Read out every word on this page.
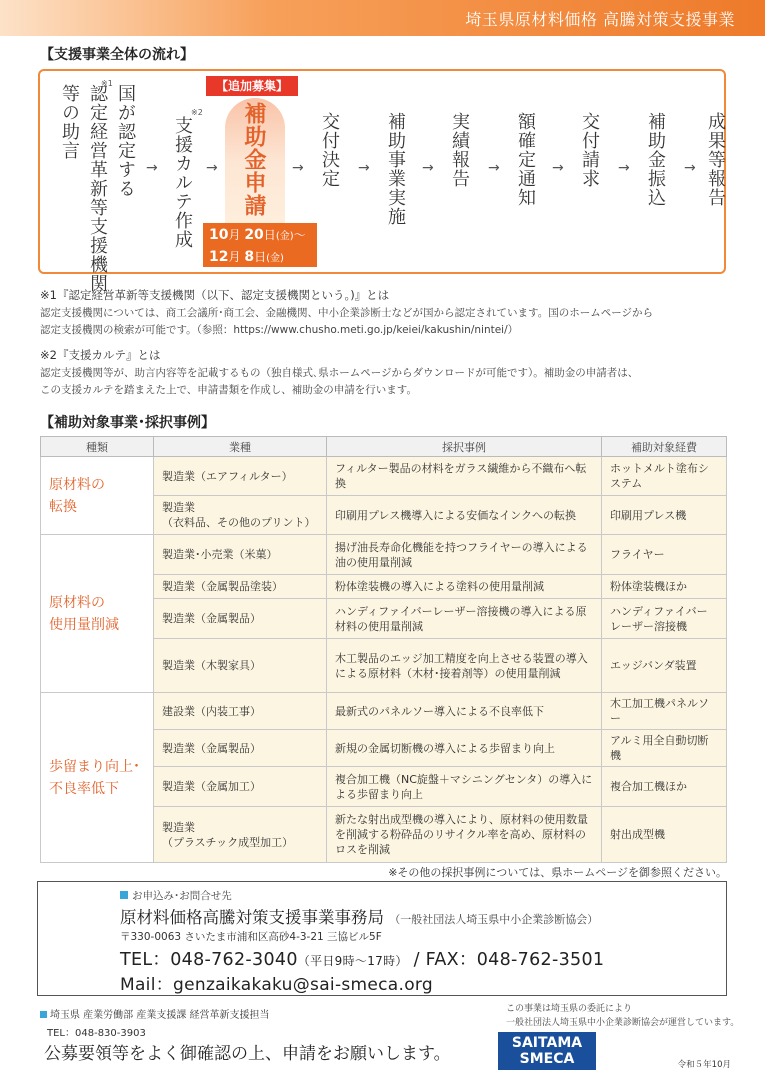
埼玉県原材料価格 高騰対策支援事業
【支援事業全体の流れ】
国が認定する
認定経営革新等支援機関
等の助言
※1
→
※2
支援カルテ作成 →
【追加募集】
補助金申請
10月 20日(金)〜
12月 8日(金)
→ 交付決定 → 補助事業実施 → 実績報告 → 額確定通知 → 交付請求 → 補助金振込 → 成果等報告
※1『認定経営革新等支援機関（以下、認定支援機関という。)』とは
認定支援機関については、商工会議所･商工会、金融機関、中小企業診断士などが国から認定されています。国のホームページから
認定支援機関の検索が可能です。（参照：https://www.chusho.meti.go.jp/keiei/kakushin/nintei/）
※2『支援カルテ』とは
認定支援機関等が、助言内容等を記載するもの（独自様式､県ホームページからダウンロードが可能です）。補助金の申請者は、
この支援カルテを踏まえた上で、申請書類を作成し、補助金の申請を行います。
【補助対象事業･採択事例】
種類	業種	採択事例	補助対象経費

原材料の
転換	製造業（エアフィルター）	フィルター製品の材料をガラス繊維から不織布へ転換	ホットメルト塗布システム

	製造業
（衣料品、その他のプリント）	印刷用プレス機導入による安価なインクへの転換	印刷用プレス機

原材料の
使用量削減	製造業･小売業（米菓）	揚げ油長寿命化機能を持つフライヤーの導入による油の使用量削減	フライヤー
	製造業（金属製品塗装）	粉体塗装機の導入による塗料の使用量削減	粉体塗装機ほか
	製造業（金属製品）	ハンディファイバーレーザー溶接機の導入による原材料の使用量削減	ハンディファイバーレーザー溶接機
	製造業（木製家具）	木工製品のエッジ加工精度を向上させる装置の導入による原材料（木材･接着剤等）の使用量削減	エッジバンダ装置

歩留まり向上･
不良率低下	建設業（内装工事）	最新式のパネルソー導入による不良率低下	木工加工機パネルソー
	製造業（金属製品）	新規の金属切断機の導入による歩留まり向上	アルミ用全自動切断機
	製造業（金属加工）	複合加工機（NC旋盤＋マシニングセンタ）の導入による歩留まり向上	複合加工機ほか

	製造業
（プラスチック成型加工）	新たな射出成型機の導入により、原材料の使用数量を削減する粉砕品のリサイクル率を高め、原材料のロスを削減	射出成型機
※その他の採択事例については、県ホームページを御参照ください。
お申込み･お問合せ先
原材料価格高騰対策支援事業事務局 （一般社団法人埼玉県中小企業診断協会）
〒330-0063 さいたま市浦和区高砂4-3-21 三協ビル5F
TEL：048-762-3040（平日9時〜17時） / FAX：048-762-3501
Mail：genzaikakaku@sai-smeca.org
埼玉県 産業労働部 産業支援課 経営革新支援担当
TEL：048-830-3903
公募要領等をよく御確認の上、申請をお願いします。
この事業は埼玉県の委託により
一般社団法人埼玉県中小企業診断協会が運営しています。
SAITAMA
SMECA	令和５年10月
